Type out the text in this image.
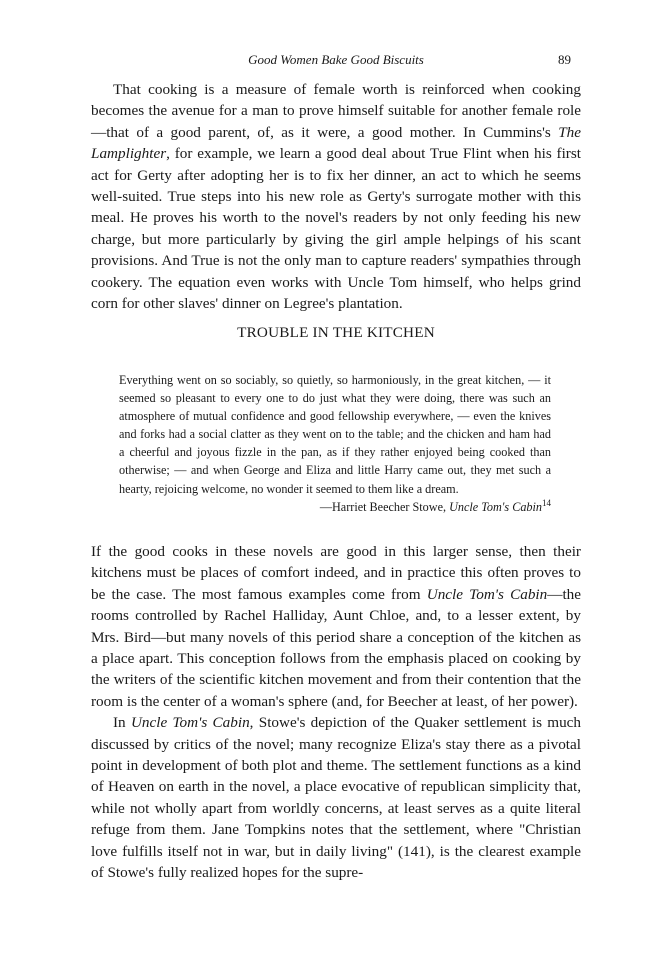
Good Women Bake Good Biscuits	89

That cooking is a measure of female worth is reinforced when cooking becomes the avenue for a man to prove himself suitable for another female role—that of a good parent, of, as it were, a good mother. In Cummins's The Lamplighter, for example, we learn a good deal about True Flint when his first act for Gerty after adopting her is to fix her dinner, an act to which he seems well-suited. True steps into his new role as Gerty's surrogate mother with this meal. He proves his worth to the novel's readers by not only feeding his new charge, but more particularly by giving the girl ample helpings of his scant provisions. And True is not the only man to capture readers' sympathies through cookery. The equation even works with Uncle Tom himself, who helps grind corn for other slaves' dinner on Legree's plantation.

TROUBLE IN THE KITCHEN

Everything went on so sociably, so quietly, so harmoniously, in the great kitchen, — it seemed so pleasant to every one to do just what they were doing, there was such an atmosphere of mutual confidence and good fellowship everywhere, — even the knives and forks had a social clatter as they went on to the table; and the chicken and ham had a cheerful and joyous fizzle in the pan, as if they rather enjoyed being cooked than otherwise; — and when George and Eliza and little Harry came out, they met such a hearty, rejoicing welcome, no wonder it seemed to them like a dream.

—Harriet Beecher Stowe, Uncle Tom's Cabin$^{14}$

If the good cooks in these novels are good in this larger sense, then their kitchens must be places of comfort indeed, and in practice this often proves to be the case. The most famous examples come from Uncle Tom's Cabin—the rooms controlled by Rachel Halliday, Aunt Chloe, and, to a lesser extent, by Mrs. Bird—but many novels of this period share a conception of the kitchen as a place apart. This conception follows from the emphasis placed on cooking by the writers of the scientific kitchen movement and from their contention that the room is the center of a woman's sphere (and, for Beecher at least, of her power).

In Uncle Tom's Cabin, Stowe's depiction of the Quaker settlement is much discussed by critics of the novel; many recognize Eliza's stay there as a pivotal point in development of both plot and theme. The settlement functions as a kind of Heaven on earth in the novel, a place evocative of republican simplicity that, while not wholly apart from worldly concerns, at least serves as a quite literal refuge from them. Jane Tompkins notes that the settlement, where "Christian love fulfills itself not in war, but in daily living" (141), is the clearest example of Stowe's fully realized hopes for the supre-
